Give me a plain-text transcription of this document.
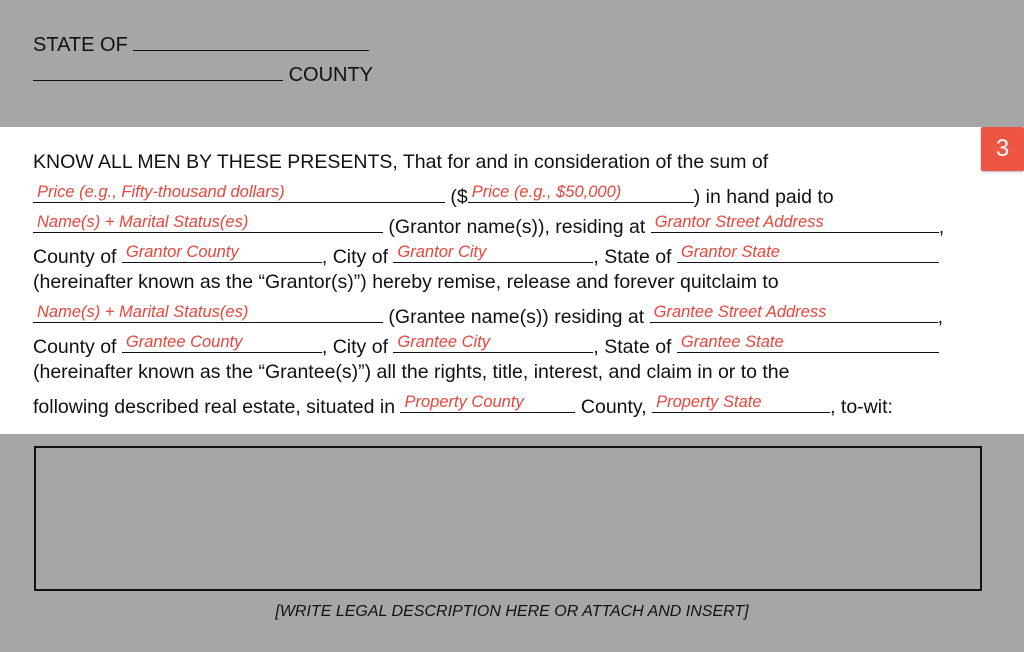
STATE OF
COUNTY
3
KNOW ALL MEN BY THESE PRESENTS, That for and in consideration of the sum of
Price (e.g., Fifty-thousand dollars)	($ Price (e.g., $50,000)	) in hand paid to
Name(s) + Marital Status(es)	(Grantor name(s)), residing at Grantor Street Address	,
County of Grantor County	, City of Grantor City	, State of Grantor State
(hereinafter known as the “Grantor(s)”) hereby remise, release and forever quitclaim to
Name(s) + Marital Status(es)	(Grantee name(s)) residing at Grantee Street Address	,
County of Grantee County	, City of Grantee City	, State of Grantee State
(hereinafter known as the “Grantee(s)”) all the rights, title, interest, and claim in or to the
following described real estate, situated in Property County	County, Property State	, to-wit:
[WRITE LEGAL DESCRIPTION HERE OR ATTACH AND INSERT]
